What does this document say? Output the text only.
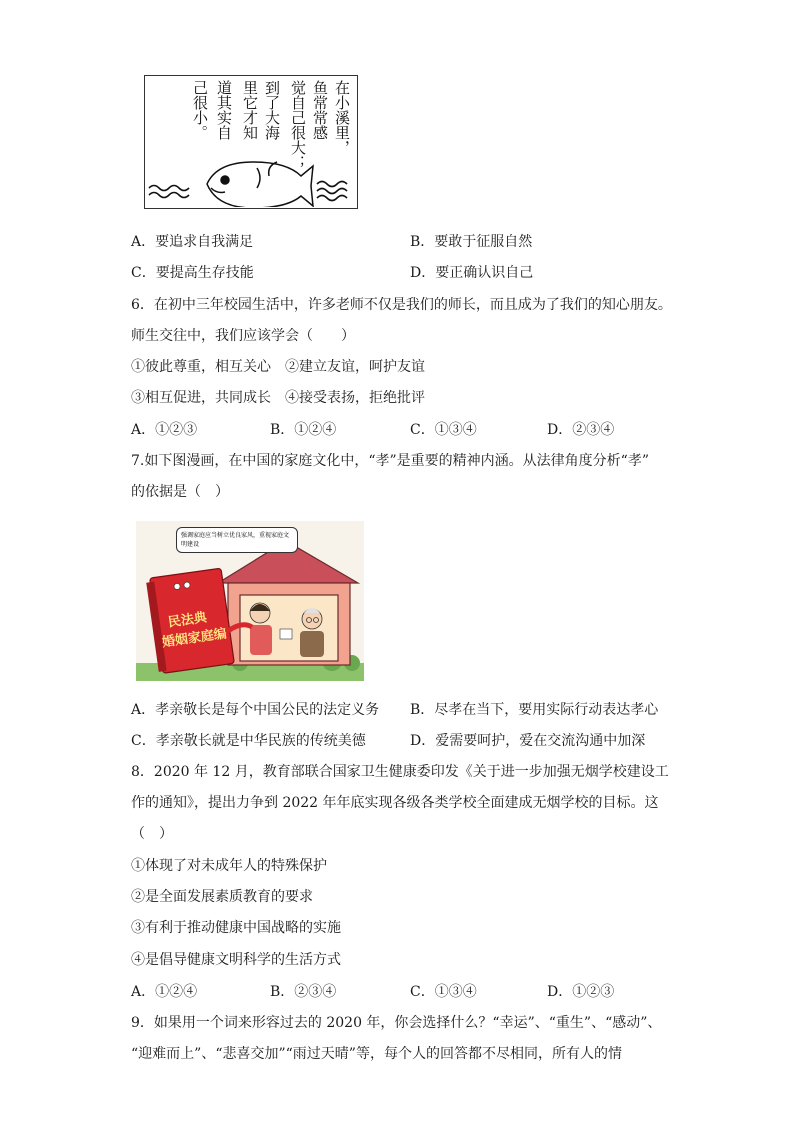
在小溪里，
鱼常常感
觉自己很大；
到了大海
里它才知
道其实自
己很小。
A．要追求自我满足	B．要敢于征服自然
C．要提高生存技能	D．要正确认识自己
6．在初中三年校园生活中，许多老师不仅是我们的师长，而且成为了我们的知心朋友。
师生交往中，我们应该学会（　　）
①彼此尊重，相互关心　②建立友谊，呵护友谊
③相互促进，共同成长　④接受表扬，拒绝批评
A．①②③	B．①②④	C．①③④	D．②③④
7.如下图漫画，在中国的家庭文化中，“孝”是重要的精神内涵。从法律角度分析“孝”
的依据是（　）
强调家庭应当树立优良家风，重视家庭文明建设
民法典
婚姻家庭编
A．孝亲敬长是每个中国公民的法定义务 B．尽孝在当下，要用实际行动表达孝心
C．孝亲敬长就是中华民族的传统美德	D．爱需要呵护，爱在交流沟通中加深
8．2020 年 12 月，教育部联合国家卫生健康委印发《关于进一步加强无烟学校建设工
作的通知》，提出力争到 2022 年年底实现各级各类学校全面建成无烟学校的目标。这
（　）
①体现了对未成年人的特殊保护
②是全面发展素质教育的要求
③有利于推动健康中国战略的实施
④是倡导健康文明科学的生活方式
A．①②④	B．②③④	C．①③④	D．①②③
9．如果用一个词来形容过去的 2020 年，你会选择什么？“幸运”、“重生”、“感动”、
“迎难而上”、“悲喜交加”“雨过天晴”等，每个人的回答都不尽相同，所有人的情
